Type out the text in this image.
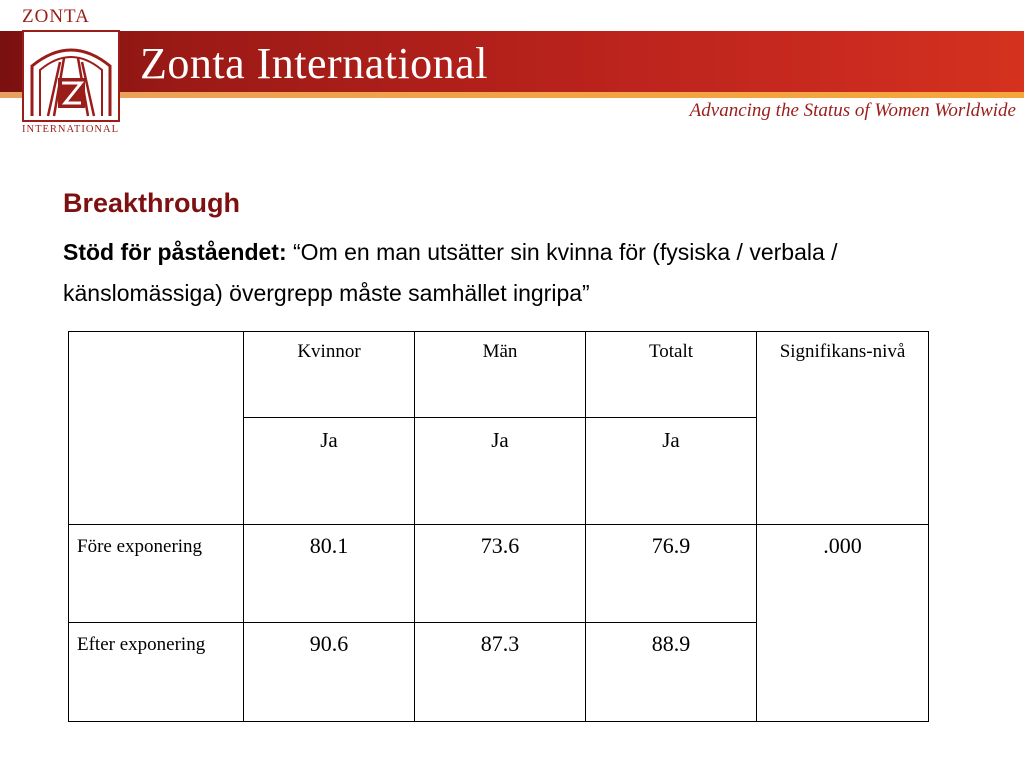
Zonta International
Advancing the Status of Women Worldwide
ZONTA
INTERNATIONAL
Breakthrough
Stöd för påståendet: “Om en man utsätter sin kvinna för (fysiska / verbala / känslomässiga) övergrepp måste samhället ingripa”
	Kvinnor	Män	Totalt	Signifikans-nivå

	Ja	Ja	Ja	

Före exponering	80.1	73.6	76.9	.000

Efter exponering	90.6	87.3	88.9	
